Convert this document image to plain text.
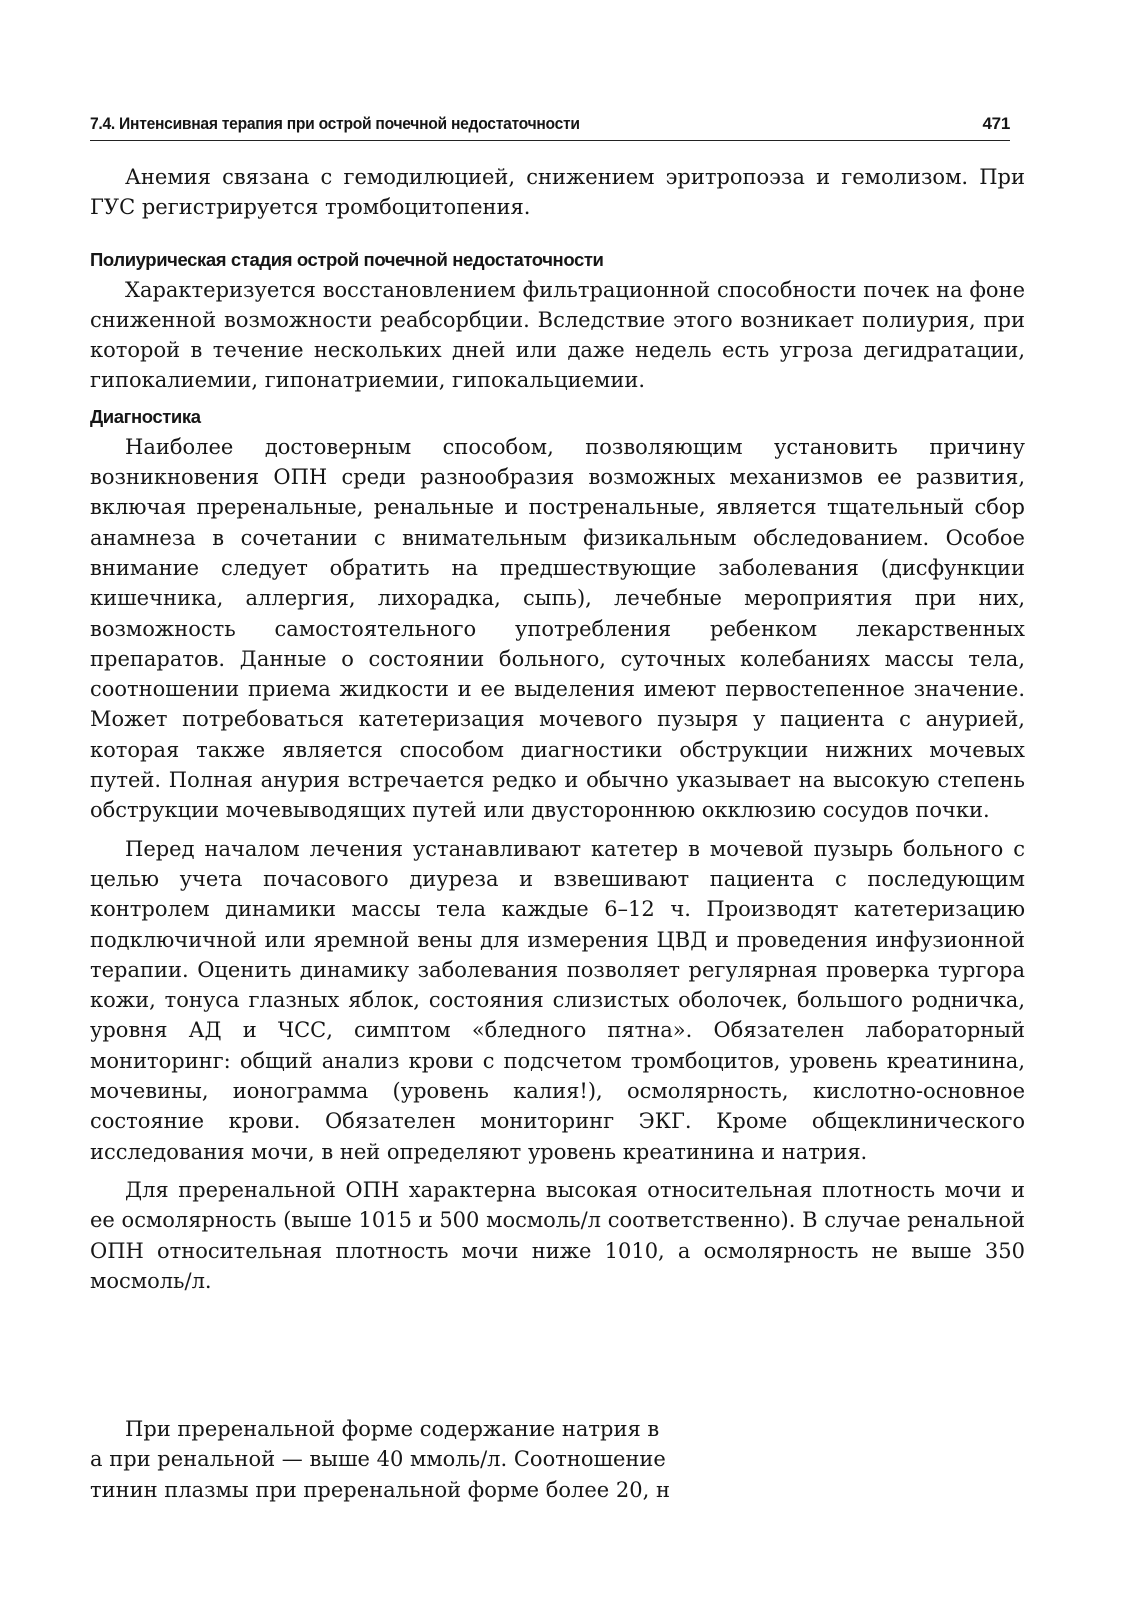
7.4. Интенсивная терапия при острой почечной недостаточности	471

Анемия связана с гемодилюцией, снижением эритропоэза и гемолизом. При ГУС регистрируется тромбоцитопения.

Полиурическая стадия острой почечной недостаточности

Характеризуется восстановлением фильтрационной способности почек на фоне сниженной возможности реабсорбции. Вследствие этого возникает полиурия, при которой в течение нескольких дней или даже недель есть угроза дегидратации, гипокалиемии, гипонатриемии, гипокальциемии.

Диагностика

Наиболее достоверным способом, позволяющим установить причину возникновения ОПН среди разнообразия возможных механизмов ее развития, включая преренальные, ренальные и постренальные, является тщательный сбор анамнеза в сочетании с внимательным физикальным обследованием. Особое внимание следует обратить на предшествующие заболевания (дисфункции кишечника, аллергия, лихорадка, сыпь), лечебные мероприятия при них, возможность самостоятельного употребления ребенком лекарственных препаратов. Данные о состоянии больного, суточных колебаниях массы тела, соотношении приема жидкости и ее выделения имеют первостепенное значение. Может потребоваться катетеризация мочевого пузыря у пациента с анурией, которая также является способом диагностики обструкции нижних мочевых путей. Полная анурия встречается редко и обычно указывает на высокую степень обструкции мочевыводящих путей или двустороннюю окклюзию сосудов почки.

Перед началом лечения устанавливают катетер в мочевой пузырь больного с целью учета почасового диуреза и взвешивают пациента с последующим контролем динамики массы тела каждые 6–12 ч. Производят катетеризацию подключичной или яремной вены для измерения ЦВД и проведения инфузионной терапии. Оценить динамику заболевания позволяет регулярная проверка тургора кожи, тонуса глазных яблок, состояния слизистых оболочек, большого родничка, уровня АД и ЧСС, симптом «бледного пятна». Обязателен лабораторный мониторинг: общий анализ крови с подсчетом тромбоцитов, уровень креатинина, мочевины, ионограмма (уровень калия!), осмолярность, кислотно-основное состояние крови. Обязателен мониторинг ЭКГ. Кроме общеклинического исследования мочи, в ней определяют уровень креатинина и натрия.

Для преренальной ОПН характерна высокая относительная плотность мочи и ее осмолярность (выше 1015 и 500 мосмоль/л соответственно). В случае ренальной ОПН относительная плотность мочи ниже 1010, а осмолярность не выше 350 мосмоль/л.

При преренальной форме содержание натрия в
а при ренальной — выше 40 ммоль/л. Соотношение
тинин плазмы при преренальной форме более 20, н
